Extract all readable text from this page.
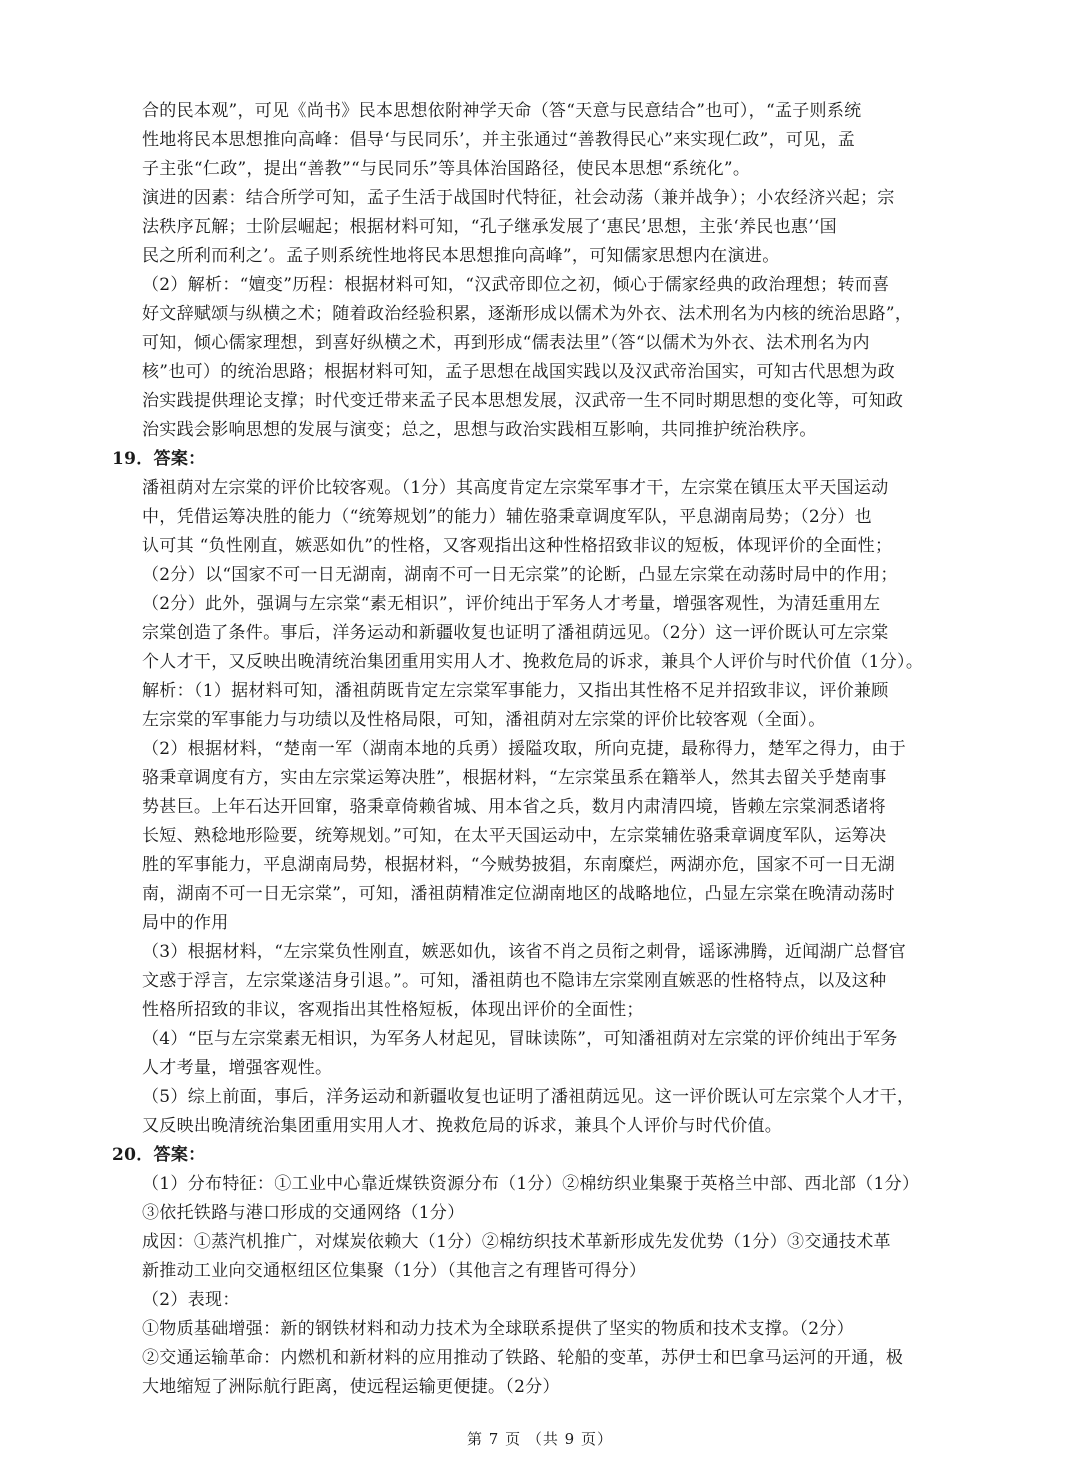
合的民本观”，可见《尚书》民本思想依附神学天命（答“天意与民意结合”也可），“孟子则系统
性地将民本思想推向高峰：倡导‘与民同乐’，并主张通过“善教得民心”来实现仁政”，可见，孟
子主张“仁政”，提出“善教”“与民同乐”等具体治国路径，使民本思想“系统化”。
演进的因素：结合所学可知，孟子生活于战国时代特征，社会动荡（兼并战争）；小农经济兴起；宗
法秩序瓦解；士阶层崛起；根据材料可知，“孔子继承发展了‘惠民’思想，主张‘养民也惠’‘国
民之所利而利之’。孟子则系统性地将民本思想推向高峰”，可知儒家思想内在演进。
（2）解析：“嬗变”历程：根据材料可知，“汉武帝即位之初，倾心于儒家经典的政治理想；转而喜
好文辞赋颂与纵横之术；随着政治经验积累，逐渐形成以儒术为外衣、法术刑名为内核的统治思路”，
可知，倾心儒家理想，到喜好纵横之术，再到形成“儒表法里”（答“以儒术为外衣、法术刑名为内
核”也可）的统治思路；根据材料可知，孟子思想在战国实践以及汉武帝治国实，可知古代思想为政
治实践提供理论支撑；时代变迁带来孟子民本思想发展，汉武帝一生不同时期思想的变化等，可知政
治实践会影响思想的发展与演变；总之，思想与政治实践相互影响，共同推护统治秩序。
19．答案：
潘祖荫对左宗棠的评价比较客观。（1分）其高度肯定左宗棠军事才干，左宗棠在镇压太平天国运动
中，凭借运筹决胜的能力（“统筹规划”的能力）辅佐骆秉章调度军队，平息湖南局势；（2分）也
认可其 “负性刚直，嫉恶如仇”的性格，又客观指出这种性格招致非议的短板，体现评价的全面性；
（2分）以“国家不可一日无湖南，湖南不可一日无宗棠”的论断，凸显左宗棠在动荡时局中的作用；
（2分）此外，强调与左宗棠“素无相识”，评价纯出于军务人才考量，增强客观性，为清廷重用左
宗棠创造了条件。事后，洋务运动和新疆收复也证明了潘祖荫远见。（2分）这一评价既认可左宗棠
个人才干，又反映出晚清统治集团重用实用人才、挽救危局的诉求，兼具个人评价与时代价值（1分）。
解析：（1）据材料可知，潘祖荫既肯定左宗棠军事能力，又指出其性格不足并招致非议，评价兼顾
左宗棠的军事能力与功绩以及性格局限，可知，潘祖荫对左宗棠的评价比较客观（全面）。
（2）根据材料，“楚南一军（湖南本地的兵勇）援隘攻取，所向克捷，最称得力，楚军之得力，由于
骆秉章调度有方，实由左宗棠运筹决胜”，根据材料，“左宗棠虽系在籍举人，然其去留关乎楚南事
势甚巨。上年石达开回窜，骆秉章倚赖省城、用本省之兵，数月内肃清四境，皆赖左宗棠洞悉诸将
长短、熟稔地形险要，统筹规划。”可知，在太平天国运动中，左宗棠辅佐骆秉章调度军队，运筹决
胜的军事能力，平息湖南局势，根据材料，“今贼势披猖，东南糜烂，两湖亦危，国家不可一日无湖
南，湖南不可一日无宗棠”，可知，潘祖荫精准定位湖南地区的战略地位，凸显左宗棠在晚清动荡时
局中的作用
（3）根据材料，“左宗棠负性刚直，嫉恶如仇，该省不肖之员衔之刺骨，谣诼沸腾，近闻湖广总督官
文惑于浮言，左宗棠遂洁身引退。”。可知，潘祖荫也不隐讳左宗棠刚直嫉恶的性格特点，以及这种
性格所招致的非议，客观指出其性格短板，体现出评价的全面性；
（4）“臣与左宗棠素无相识，为军务人材起见，冒昧读陈”，可知潘祖荫对左宗棠的评价纯出于军务
人才考量，增强客观性。
（5）综上前面，事后，洋务运动和新疆收复也证明了潘祖荫远见。这一评价既认可左宗棠个人才干，
又反映出晚清统治集团重用实用人才、挽救危局的诉求，兼具个人评价与时代价值。
20．答案：
（1）分布特征：①工业中心靠近煤铁资源分布（1分）②棉纺织业集聚于英格兰中部、西北部（1分）
③依托铁路与港口形成的交通网络（1分）
成因：①蒸汽机推广，对煤炭依赖大（1分）②棉纺织技术革新形成先发优势（1分）③交通技术革
新推动工业向交通枢纽区位集聚（1分）（其他言之有理皆可得分）
（2）表现：
①物质基础增强：新的钢铁材料和动力技术为全球联系提供了坚实的物质和技术支撑。（2分）
②交通运输革命：内燃机和新材料的应用推动了铁路、轮船的变革，苏伊士和巴拿马运河的开通，极
大地缩短了洲际航行距离，使远程运输更便捷。（2分）
第 7 页 （共 9 页）
